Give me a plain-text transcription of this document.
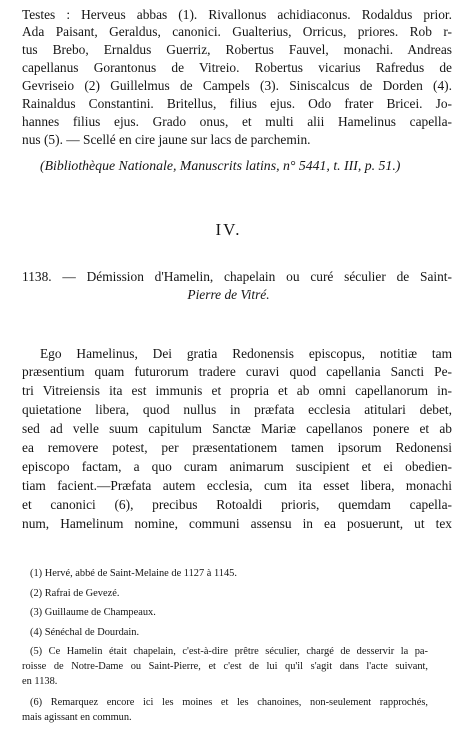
Testes : Herveus abbas (1). Rivallonus achidiaconus. Rodaldus prior.
Ada Paisant, Geraldus, canonici. Gualterius, Orricus, priores. Rob r-
tus Brebo, Ernaldus Guerriz, Robertus Fauvel, monachi. Andreas
capellanus Gorantonus de Vitreio. Robertus vicarius Rafredus de
Gevriseio (2) Guillelmus de Campels (3). Siniscalcus de Dorden (4).
Rainaldus Constantini. Britellus, filius ejus. Odo frater Bricei. Jo-
hannes filius ejus. Grado onus, et multi alii Hamelinus capella-
nus (5). — Scellé en cire jaune sur lacs de parchemin.
(Bibliothèque Nationale, Manuscrits latins, n° 5441, t. III, p. 51.)
IV.
1138. — Démission d'Hamelin, chapelain ou curé séculier de Saint-
Pierre de Vitré.
Ego Hamelinus, Dei gratia Redonensis episcopus, notitiæ tam
præsentium quam futurorum tradere curavi quod capellania Sancti Pe-
tri Vitreiensis ita est immunis et propria et ab omni capellanorum in-
quietatione libera, quod nullus in præfata ecclesia atitulari debet,
sed ad velle suum capitulum Sanctæ Mariæ capellanos ponere et ab
ea removere potest, per præsentationem tamen ipsorum Redonensi
episcopo factam, a quo curam animarum suscipient et ei obedien-
tiam facient.—Præfata autem ecclesia, cum ita esset libera, monachi
et canonici (6), precibus Rotoaldi prioris, quemdam capella-
num, Hamelinum nomine, communi assensu in ea posuerunt, ut tex
(1) Hervé, abbé de Saint-Melaine de 1127 à 1145.
(2) Rafrai de Gevezé.
(3) Guillaume de Champeaux.
(4) Sénéchal de Dourdain.
(5) Ce Hamelin était chapelain, c'est-à-dire prêtre séculier, chargé de desservir la pa-
roisse de Notre-Dame ou Saint-Pierre, et c'est de lui qu'il s'agit dans l'acte suivant,
en 1138.
(6) Remarquez encore ici les moines et les chanoines, non-seulement rapprochés,
mais agissant en commun.
